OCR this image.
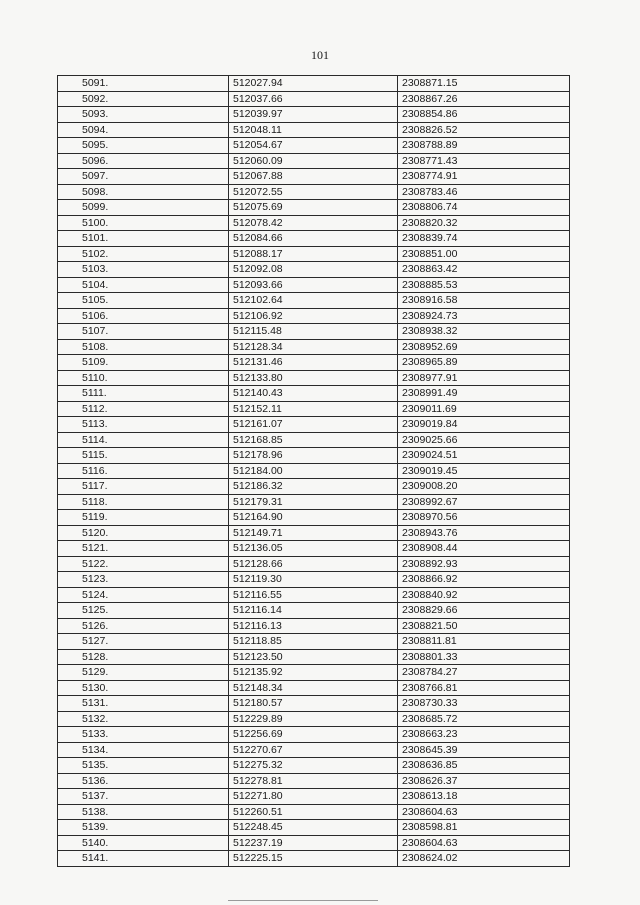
101
5091.	512027.94	2308871.15
5092.	512037.66	2308867.26
5093.	512039.97	2308854.86
5094.	512048.11	2308826.52
5095.	512054.67	2308788.89
5096.	512060.09	2308771.43
5097.	512067.88	2308774.91
5098.	512072.55	2308783.46
5099.	512075.69	2308806.74
5100.	512078.42	2308820.32
5101.	512084.66	2308839.74
5102.	512088.17	2308851.00
5103.	512092.08	2308863.42
5104.	512093.66	2308885.53
5105.	512102.64	2308916.58
5106.	512106.92	2308924.73
5107.	512115.48	2308938.32
5108.	512128.34	2308952.69
5109.	512131.46	2308965.89
5110.	512133.80	2308977.91
5111.	512140.43	2308991.49
5112.	512152.11	2309011.69
5113.	512161.07	2309019.84
5114.	512168.85	2309025.66
5115.	512178.96	2309024.51
5116.	512184.00	2309019.45
5117.	512186.32	2309008.20
5118.	512179.31	2308992.67
5119.	512164.90	2308970.56
5120.	512149.71	2308943.76
5121.	512136.05	2308908.44
5122.	512128.66	2308892.93
5123.	512119.30	2308866.92
5124.	512116.55	2308840.92
5125.	512116.14	2308829.66
5126.	512116.13	2308821.50
5127.	512118.85	2308811.81
5128.	512123.50	2308801.33
5129.	512135.92	2308784.27
5130.	512148.34	2308766.81
5131.	512180.57	2308730.33
5132.	512229.89	2308685.72
5133.	512256.69	2308663.23
5134.	512270.67	2308645.39
5135.	512275.32	2308636.85
5136.	512278.81	2308626.37
5137.	512271.80	2308613.18
5138.	512260.51	2308604.63
5139.	512248.45	2308598.81
5140.	512237.19	2308604.63
5141.	512225.15	2308624.02
